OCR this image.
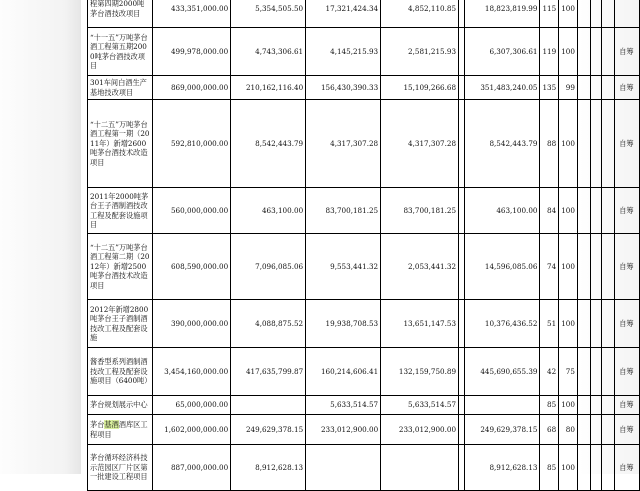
程第四期2000吨茅台酒技改项目	433,351,000.00	5,354,505.50	17,321,424.34	4,852,110.85		18,823,819.99	115	100				
“十一五”万吨茅台酒工程第五期2000吨茅台酒技改项目	499,978,000.00	4,743,306.61	4,145,215.93	2,581,215.93		6,307,306.61	119	100				自筹
301车间白酒生产基地技改项目	869,000,000.00	210,162,116.40	156,430,390.33	15,109,266.68		351,483,240.05	135	99				自筹
“十二五”万吨茅台酒工程第一期（2011年）新增2600吨茅台酒技术改造项目	592,810,000.00	8,542,443.79	4,317,307.28	4,317,307.28		8,542,443.79	88	100				自筹
2011年2000吨茅台王子酒制酒技改工程及配套设施项目	560,000,000.00	463,100.00	83,700,181.25	83,700,181.25		463,100.00	84	100				自筹
“十二五”万吨茅台酒工程第二期（2012年）新增2500吨茅台酒技术改造项目	608,590,000.00	7,096,085.06	9,553,441.32	2,053,441.32		14,596,085.06	74	100				自筹
2012年新增2800吨茅台王子酒制酒技改工程及配套设施	390,000,000.00	4,088,875.52	19,938,708.53	13,651,147.53		10,376,436.52	51	100				自筹
酱香型系列酒制酒技改工程及配套设施项目（6400吨）	3,454,160,000.00	417,635,799.87	160,214,606.41	132,159,750.89		445,690,655.39	42	75				自筹
茅台规划展示中心	65,000,000.00		5,633,514.57	5,633,514.57			85	100				自筹
茅台基酒酒库区工程项目	1,602,000,000.00	249,629,378.15	233,012,900.00	233,012,900.00		249,629,378.15	68	80				自筹
茅台循环经济科技示范园区厂片区第一批建设工程项目	887,000,000.00	8,912,628.13				8,912,628.13	85	100				自筹
